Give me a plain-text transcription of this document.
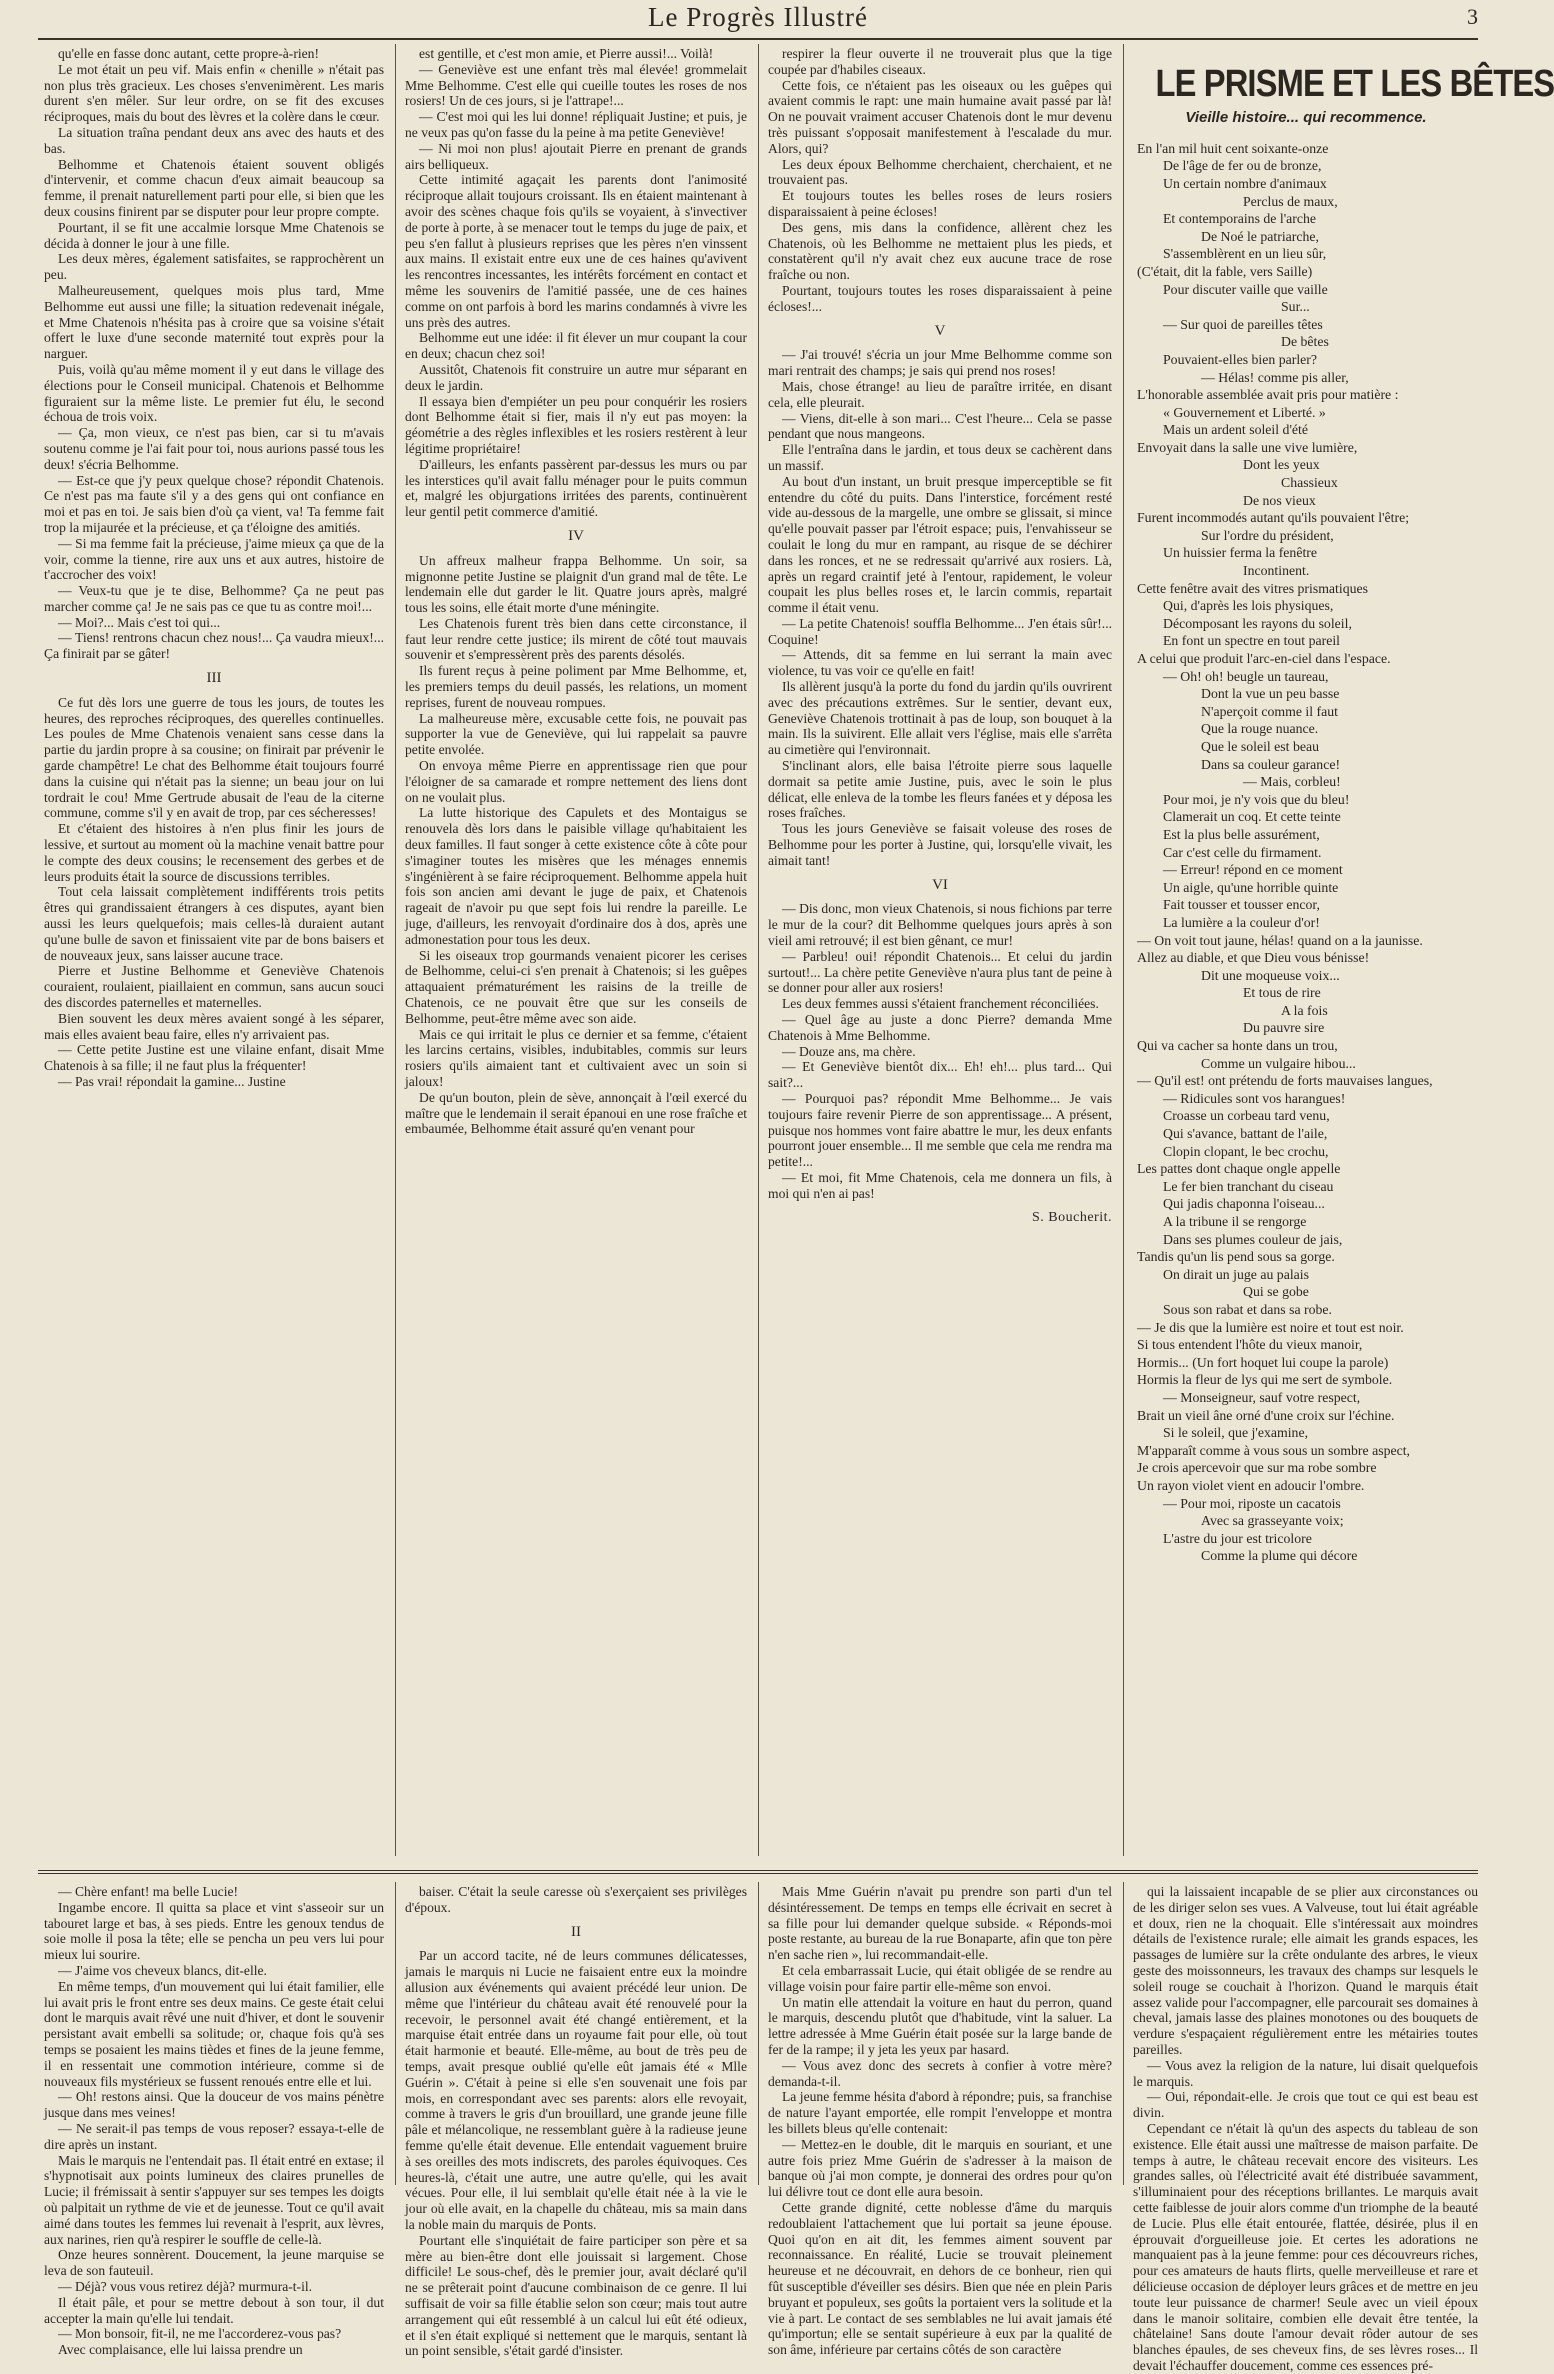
Le Progrès Illustré	3

qu'elle en fasse donc autant, cette propre-à-rien!

Le mot était un peu vif. Mais enfin « chenille » n'était pas non plus très gracieux. Les choses s'envenimèrent. Les maris durent s'en mêler. Sur leur ordre, on se fit des excuses réciproques, mais du bout des lèvres et la colère dans le cœur.

La situation traîna pendant deux ans avec des hauts et des bas.

Belhomme et Chatenois étaient souvent obligés d'intervenir, et comme chacun d'eux aimait beaucoup sa femme, il prenait naturellement parti pour elle, si bien que les deux cousins finirent par se disputer pour leur propre compte.

Pourtant, il se fit une accalmie lorsque Mme Chatenois se décida à donner le jour à une fille.

Les deux mères, également satisfaites, se rapprochèrent un peu.

Malheureusement, quelques mois plus tard, Mme Belhomme eut aussi une fille; la situation redevenait inégale, et Mme Chatenois n'hésita pas à croire que sa voisine s'était offert le luxe d'une seconde maternité tout exprès pour la narguer.

Puis, voilà qu'au même moment il y eut dans le village des élections pour le Conseil municipal. Chatenois et Belhomme figuraient sur la même liste. Le premier fut élu, le second échoua de trois voix.

— Ça, mon vieux, ce n'est pas bien, car si tu m'avais soutenu comme je l'ai fait pour toi, nous aurions passé tous les deux! s'écria Belhomme.

— Est-ce que j'y peux quelque chose? répondit Chatenois. Ce n'est pas ma faute s'il y a des gens qui ont confiance en moi et pas en toi. Je sais bien d'où ça vient, va! Ta femme fait trop la mijaurée et la précieuse, et ça t'éloigne des amitiés.

— Si ma femme fait la précieuse, j'aime mieux ça que de la voir, comme la tienne, rire aux uns et aux autres, histoire de t'accrocher des voix!

— Veux-tu que je te dise, Belhomme? Ça ne peut pas marcher comme ça! Je ne sais pas ce que tu as contre moi!...

— Moi?... Mais c'est toi qui...

— Tiens! rentrons chacun chez nous!... Ça vaudra mieux!... Ça finirait par se gâter!

III

Ce fut dès lors une guerre de tous les jours, de toutes les heures, des reproches réciproques, des querelles continuelles. Les poules de Mme Chatenois venaient sans cesse dans la partie du jardin propre à sa cousine; on finirait par prévenir le garde champêtre! Le chat des Belhomme était toujours fourré dans la cuisine qui n'était pas la sienne; un beau jour on lui tordrait le cou! Mme Gertrude abusait de l'eau de la citerne commune, comme s'il y en avait de trop, par ces sécheresses!

Et c'étaient des histoires à n'en plus finir les jours de lessive, et surtout au moment où la machine venait battre pour le compte des deux cousins; le recensement des gerbes et de leurs produits était la source de discussions terribles.

Tout cela laissait complètement indifférents trois petits êtres qui grandissaient étrangers à ces disputes, ayant bien aussi les leurs quelquefois; mais celles-là duraient autant qu'une bulle de savon et finissaient vite par de bons baisers et de nouveaux jeux, sans laisser aucune trace.

Pierre et Justine Belhomme et Geneviève Chatenois couraient, roulaient, piaillaient en commun, sans aucun souci des discordes paternelles et maternelles.

Bien souvent les deux mères avaient songé à les séparer, mais elles avaient beau faire, elles n'y arrivaient pas.

— Cette petite Justine est une vilaine enfant, disait Mme Chatenois à sa fille; il ne faut plus la fréquenter!

— Pas vrai! répondait la gamine... Justine

est gentille, et c'est mon amie, et Pierre aussi!... Voilà!

— Geneviève est une enfant très mal élevée! grommelait Mme Belhomme. C'est elle qui cueille toutes les roses de nos rosiers! Un de ces jours, si je l'attrape!...

— C'est moi qui les lui donne! répliquait Justine; et puis, je ne veux pas qu'on fasse du la peine à ma petite Geneviève!

— Ni moi non plus! ajoutait Pierre en prenant de grands airs belliqueux.

Cette intimité agaçait les parents dont l'animosité réciproque allait toujours croissant. Ils en étaient maintenant à avoir des scènes chaque fois qu'ils se voyaient, à s'invectiver de porte à porte, à se menacer tout le temps du juge de paix, et peu s'en fallut à plusieurs reprises que les pères n'en vinssent aux mains. Il existait entre eux une de ces haines qu'avivent les rencontres incessantes, les intérêts forcément en contact et même les souvenirs de l'amitié passée, une de ces haines comme on ont parfois à bord les marins condamnés à vivre les uns près des autres.

Belhomme eut une idée: il fit élever un mur coupant la cour en deux; chacun chez soi!

Aussitôt, Chatenois fit construire un autre mur séparant en deux le jardin.

Il essaya bien d'empiéter un peu pour conquérir les rosiers dont Belhomme était si fier, mais il n'y eut pas moyen: la géométrie a des règles inflexibles et les rosiers restèrent à leur légitime propriétaire!

D'ailleurs, les enfants passèrent par-dessus les murs ou par les interstices qu'il avait fallu ménager pour le puits commun et, malgré les objurgations irritées des parents, continuèrent leur gentil petit commerce d'amitié.

IV

Un affreux malheur frappa Belhomme. Un soir, sa mignonne petite Justine se plaignit d'un grand mal de tête. Le lendemain elle dut garder le lit. Quatre jours après, malgré tous les soins, elle était morte d'une méningite.

Les Chatenois furent très bien dans cette circonstance, il faut leur rendre cette justice; ils mirent de côté tout mauvais souvenir et s'empressèrent près des parents désolés.

Ils furent reçus à peine poliment par Mme Belhomme, et, les premiers temps du deuil passés, les relations, un moment reprises, furent de nouveau rompues.

La malheureuse mère, excusable cette fois, ne pouvait pas supporter la vue de Geneviève, qui lui rappelait sa pauvre petite envolée.

On envoya même Pierre en apprentissage rien que pour l'éloigner de sa camarade et rompre nettement des liens dont on ne voulait plus.

La lutte historique des Capulets et des Montaigus se renouvela dès lors dans le paisible village qu'habitaient les deux familles. Il faut songer à cette existence côte à côte pour s'imaginer toutes les misères que les ménages ennemis s'ingénièrent à se faire réciproquement. Belhomme appela huit fois son ancien ami devant le juge de paix, et Chatenois rageait de n'avoir pu que sept fois lui rendre la pareille. Le juge, d'ailleurs, les renvoyait d'ordinaire dos à dos, après une admonestation pour tous les deux.

Si les oiseaux trop gourmands venaient picorer les cerises de Belhomme, celui-ci s'en prenait à Chatenois; si les guêpes attaquaient prématurément les raisins de la treille de Chatenois, ce ne pouvait être que sur les conseils de Belhomme, peut-être même avec son aide.

Mais ce qui irritait le plus ce dernier et sa femme, c'étaient les larcins certains, visibles, indubitables, commis sur leurs rosiers qu'ils aimaient tant et cultivaient avec un soin si jaloux!

De qu'un bouton, plein de sève, annonçait à l'œil exercé du maître que le lendemain il serait épanoui en une rose fraîche et embaumée, Belhomme était assuré qu'en venant pour

respirer la fleur ouverte il ne trouverait plus que la tige coupée par d'habiles ciseaux.

Cette fois, ce n'étaient pas les oiseaux ou les guêpes qui avaient commis le rapt: une main humaine avait passé par là! On ne pouvait vraiment accuser Chatenois dont le mur devenu très puissant s'opposait manifestement à l'escalade du mur. Alors, qui?

Les deux époux Belhomme cherchaient, cherchaient, et ne trouvaient pas.

Et toujours toutes les belles roses de leurs rosiers disparaissaient à peine écloses!

Des gens, mis dans la confidence, allèrent chez les Chatenois, où les Belhomme ne mettaient plus les pieds, et constatèrent qu'il n'y avait chez eux aucune trace de rose fraîche ou non.

Pourtant, toujours toutes les roses disparaissaient à peine écloses!...

V

— J'ai trouvé! s'écria un jour Mme Belhomme comme son mari rentrait des champs; je sais qui prend nos roses!

Mais, chose étrange! au lieu de paraître irritée, en disant cela, elle pleurait.

— Viens, dit-elle à son mari... C'est l'heure... Cela se passe pendant que nous mangeons.

Elle l'entraîna dans le jardin, et tous deux se cachèrent dans un massif.

Au bout d'un instant, un bruit presque imperceptible se fit entendre du côté du puits. Dans l'interstice, forcément resté vide au-dessous de la margelle, une ombre se glissait, si mince qu'elle pouvait passer par l'étroit espace; puis, l'envahisseur se coulait le long du mur en rampant, au risque de se déchirer dans les ronces, et ne se redressait qu'arrivé aux rosiers. Là, après un regard craintif jeté à l'entour, rapidement, le voleur coupait les plus belles roses et, le larcin commis, repartait comme il était venu.

— La petite Chatenois! souffla Belhomme... J'en étais sûr!... Coquine!

— Attends, dit sa femme en lui serrant la main avec violence, tu vas voir ce qu'elle en fait!

Ils allèrent jusqu'à la porte du fond du jardin qu'ils ouvrirent avec des précautions extrêmes. Sur le sentier, devant eux, Geneviève Chatenois trottinait à pas de loup, son bouquet à la main. Ils la suivirent. Elle allait vers l'église, mais elle s'arrêta au cimetière qui l'environnait.

S'inclinant alors, elle baisa l'étroite pierre sous laquelle dormait sa petite amie Justine, puis, avec le soin le plus délicat, elle enleva de la tombe les fleurs fanées et y déposa les roses fraîches.

Tous les jours Geneviève se faisait voleuse des roses de Belhomme pour les porter à Justine, qui, lorsqu'elle vivait, les aimait tant!

VI

— Dis donc, mon vieux Chatenois, si nous fichions par terre le mur de la cour? dit Belhomme quelques jours après à son vieil ami retrouvé; il est bien gênant, ce mur!

— Parbleu! oui! répondit Chatenois... Et celui du jardin surtout!... La chère petite Geneviève n'aura plus tant de peine à se donner pour aller aux rosiers!

Les deux femmes aussi s'étaient franchement réconciliées.

— Quel âge au juste a donc Pierre? demanda Mme Chatenois à Mme Belhomme.

— Douze ans, ma chère.

— Et Geneviève bientôt dix... Eh! eh!... plus tard... Qui sait?...

— Pourquoi pas? répondit Mme Belhomme... Je vais toujours faire revenir Pierre de son apprentissage... A présent, puisque nos hommes vont faire abattre le mur, les deux enfants pourront jouer ensemble... Il me semble que cela me rendra ma petite!...

— Et moi, fit Mme Chatenois, cela me donnera un fils, à moi qui n'en ai pas!

S. Boucherit.

LE PRISME ET LES BÊTES
Vieille histoire... qui recommence.
En l'an mil huit cent soixante-onze
De l'âge de fer ou de bronze,
Un certain nombre d'animaux
Perclus de maux,
Et contemporains de l'arche
De Noé le patriarche,
S'assemblèrent en un lieu sûr,
(C'était, dit la fable, vers Saille)
Pour discuter vaille que vaille
Sur...
— Sur quoi de pareilles têtes
De bêtes
Pouvaient-elles bien parler?
— Hélas! comme pis aller,
L'honorable assemblée avait pris pour matière :
« Gouvernement et Liberté. »
Mais un ardent soleil d'été
Envoyait dans la salle une vive lumière,
Dont les yeux
Chassieux
De nos vieux
Furent incommodés autant qu'ils pouvaient l'être;
Sur l'ordre du président,
Un huissier ferma la fenêtre
Incontinent.
Cette fenêtre avait des vitres prismatiques
Qui, d'après les lois physiques,
Décomposant les rayons du soleil,
En font un spectre en tout pareil
A celui que produit l'arc-en-ciel dans l'espace.
— Oh! oh! beugle un taureau,
Dont la vue un peu basse
N'aperçoit comme il faut
Que la rouge nuance.
Que le soleil est beau
Dans sa couleur garance!
— Mais, corbleu!
Pour moi, je n'y vois que du bleu!
Clamerait un coq. Et cette teinte
Est la plus belle assurément,
Car c'est celle du firmament.
— Erreur! répond en ce moment
Un aigle, qu'une horrible quinte
Fait tousser et tousser encor,
La lumière a la couleur d'or!
— On voit tout jaune, hélas! quand on a la jaunisse.
Allez au diable, et que Dieu vous bénisse!
Dit une moqueuse voix...
Et tous de rire
A la fois
Du pauvre sire
Qui va cacher sa honte dans un trou,
Comme un vulgaire hibou...
— Qu'il est! ont prétendu de forts mauvaises langues,
— Ridicules sont vos harangues!
Croasse un corbeau tard venu,
Qui s'avance, battant de l'aile,
Clopin clopant, le bec crochu,
Les pattes dont chaque ongle appelle
Le fer bien tranchant du ciseau
Qui jadis chaponna l'oiseau...
A la tribune il se rengorge
Dans ses plumes couleur de jais,
Tandis qu'un lis pend sous sa gorge.
On dirait un juge au palais
Qui se gobe
Sous son rabat et dans sa robe.
— Je dis que la lumière est noire et tout est noir.
Si tous entendent l'hôte du vieux manoir,
Hormis... (Un fort hoquet lui coupe la parole)
Hormis la fleur de lys qui me sert de symbole.
— Monseigneur, sauf votre respect,
Brait un vieil âne orné d'une croix sur l'échine.
Si le soleil, que j'examine,
M'apparaît comme à vous sous un sombre aspect,
Je crois apercevoir que sur ma robe sombre
Un rayon violet vient en adoucir l'ombre.
— Pour moi, riposte un cacatois
Avec sa grasseyante voix;
L'astre du jour est tricolore
Comme la plume qui décore

— Chère enfant! ma belle Lucie!

Ingambe encore. Il quitta sa place et vint s'asseoir sur un tabouret large et bas, à ses pieds. Entre les genoux tendus de soie molle il posa la tête; elle se pencha un peu vers lui pour mieux lui sourire.

— J'aime vos cheveux blancs, dit-elle.

En même temps, d'un mouvement qui lui était familier, elle lui avait pris le front entre ses deux mains. Ce geste était celui dont le marquis avait rêvé une nuit d'hiver, et dont le souvenir persistant avait embelli sa solitude; or, chaque fois qu'à ses temps se posaient les mains tièdes et fines de la jeune femme, il en ressentait une commotion intérieure, comme si de nouveaux fils mystérieux se fussent renoués entre elle et lui.

— Oh! restons ainsi. Que la douceur de vos mains pénètre jusque dans mes veines!

— Ne serait-il pas temps de vous reposer? essaya-t-elle de dire après un instant.

Mais le marquis ne l'entendait pas. Il était entré en extase; il s'hypnotisait aux points lumineux des claires prunelles de Lucie; il frémissait à sentir s'appuyer sur ses tempes les doigts où palpitait un rythme de vie et de jeunesse. Tout ce qu'il avait aimé dans toutes les femmes lui revenait à l'esprit, aux lèvres, aux narines, rien qu'à respirer le souffle de celle-là.

Onze heures sonnèrent. Doucement, la jeune marquise se leva de son fauteuil.

— Déjà? vous vous retirez déjà? murmura-t-il.

Il était pâle, et pour se mettre debout à son tour, il dut accepter la main qu'elle lui tendait.

— Mon bonsoir, fit-il, ne me l'accorderez-vous pas?

Avec complaisance, elle lui laissa prendre un

baiser. C'était la seule caresse où s'exerçaient ses privilèges d'époux.

II

Par un accord tacite, né de leurs communes délicatesses, jamais le marquis ni Lucie ne faisaient entre eux la moindre allusion aux événements qui avaient précédé leur union. De même que l'intérieur du château avait été renouvelé pour la recevoir, le personnel avait été changé entièrement, et la marquise était entrée dans un royaume fait pour elle, où tout était harmonie et beauté. Elle-même, au bout de très peu de temps, avait presque oublié qu'elle eût jamais été « Mlle Guérin ». C'était à peine si elle s'en souvenait une fois par mois, en correspondant avec ses parents: alors elle revoyait, comme à travers le gris d'un brouillard, une grande jeune fille pâle et mélancolique, ne ressemblant guère à la radieuse jeune femme qu'elle était devenue. Elle entendait vaguement bruire à ses oreilles des mots indiscrets, des paroles équivoques. Ces heures-là, c'était une autre, une autre qu'elle, qui les avait vécues. Pour elle, il lui semblait qu'elle était née à la vie le jour où elle avait, en la chapelle du château, mis sa main dans la noble main du marquis de Ponts.

Pourtant elle s'inquiétait de faire participer son père et sa mère au bien-être dont elle jouissait si largement. Chose difficile! Le sous-chef, dès le premier jour, avait déclaré qu'il ne se prêterait point d'aucune combinaison de ce genre. Il lui suffisait de voir sa fille établie selon son cœur; mais tout autre arrangement qui eût ressemblé à un calcul lui eût été odieux, et il s'en était expliqué si nettement que le marquis, sentant là un point sensible, s'était gardé d'insister.

Mais Mme Guérin n'avait pu prendre son parti d'un tel désintéressement. De temps en temps elle écrivait en secret à sa fille pour lui demander quelque subside. « Réponds-moi poste restante, au bureau de la rue Bonaparte, afin que ton père n'en sache rien », lui recommandait-elle.

Et cela embarrassait Lucie, qui était obligée de se rendre au village voisin pour faire partir elle-même son envoi.

Un matin elle attendait la voiture en haut du perron, quand le marquis, descendu plutôt que d'habitude, vint la saluer. La lettre adressée à Mme Guérin était posée sur la large bande de fer de la rampe; il y jeta les yeux par hasard.

— Vous avez donc des secrets à confier à votre mère? demanda-t-il.

La jeune femme hésita d'abord à répondre; puis, sa franchise de nature l'ayant emportée, elle rompit l'enveloppe et montra les billets bleus qu'elle contenait:

— Mettez-en le double, dit le marquis en souriant, et une autre fois priez Mme Guérin de s'adresser à la maison de banque où j'ai mon compte, je donnerai des ordres pour qu'on lui délivre tout ce dont elle aura besoin.

Cette grande dignité, cette noblesse d'âme du marquis redoublaient l'attachement que lui portait sa jeune épouse. Quoi qu'on en ait dit, les femmes aiment souvent par reconnaissance. En réalité, Lucie se trouvait pleinement heureuse et ne découvrait, en dehors de ce bonheur, rien qui fût susceptible d'éveiller ses désirs. Bien que née en plein Paris bruyant et populeux, ses goûts la portaient vers la solitude et la vie à part. Le contact de ses semblables ne lui avait jamais été qu'importun; elle se sentait supérieure à eux par la qualité de son âme, inférieure par certains côtés de son caractère

qui la laissaient incapable de se plier aux circonstances ou de les diriger selon ses vues. A Valveuse, tout lui était agréable et doux, rien ne la choquait. Elle s'intéressait aux moindres détails de l'existence rurale; elle aimait les grands espaces, les passages de lumière sur la crête ondulante des arbres, le vieux geste des moissonneurs, les travaux des champs sur lesquels le soleil rouge se couchait à l'horizon. Quand le marquis était assez valide pour l'accompagner, elle parcourait ses domaines à cheval, jamais lasse des plaines monotones ou des bouquets de verdure s'espaçaient régulièrement entre les métairies toutes pareilles.

— Vous avez la religion de la nature, lui disait quelquefois le marquis.

— Oui, répondait-elle. Je crois que tout ce qui est beau est divin.

Cependant ce n'était là qu'un des aspects du tableau de son existence. Elle était aussi une maîtresse de maison parfaite. De temps à autre, le château recevait encore des visiteurs. Les grandes salles, où l'électricité avait été distribuée savamment, s'illuminaient pour des réceptions brillantes. Le marquis avait cette faiblesse de jouir alors comme d'un triomphe de la beauté de Lucie. Plus elle était entourée, flattée, désirée, plus il en éprouvait d'orgueilleuse joie. Et certes les adorations ne manquaient pas à la jeune femme: pour ces découvreurs riches, pour ces amateurs de hauts flirts, quelle merveilleuse et rare et délicieuse occasion de déployer leurs grâces et de mettre en jeu toute leur puissance de charmer! Seule avec un vieil époux dans le manoir solitaire, combien elle devait être tentée, la châtelaine! Sans doute l'amour devait rôder autour de ses blanches épaules, de ses cheveux fins, de ses lèvres roses... Il devait l'échauffer doucement, comme ces essences pré-
